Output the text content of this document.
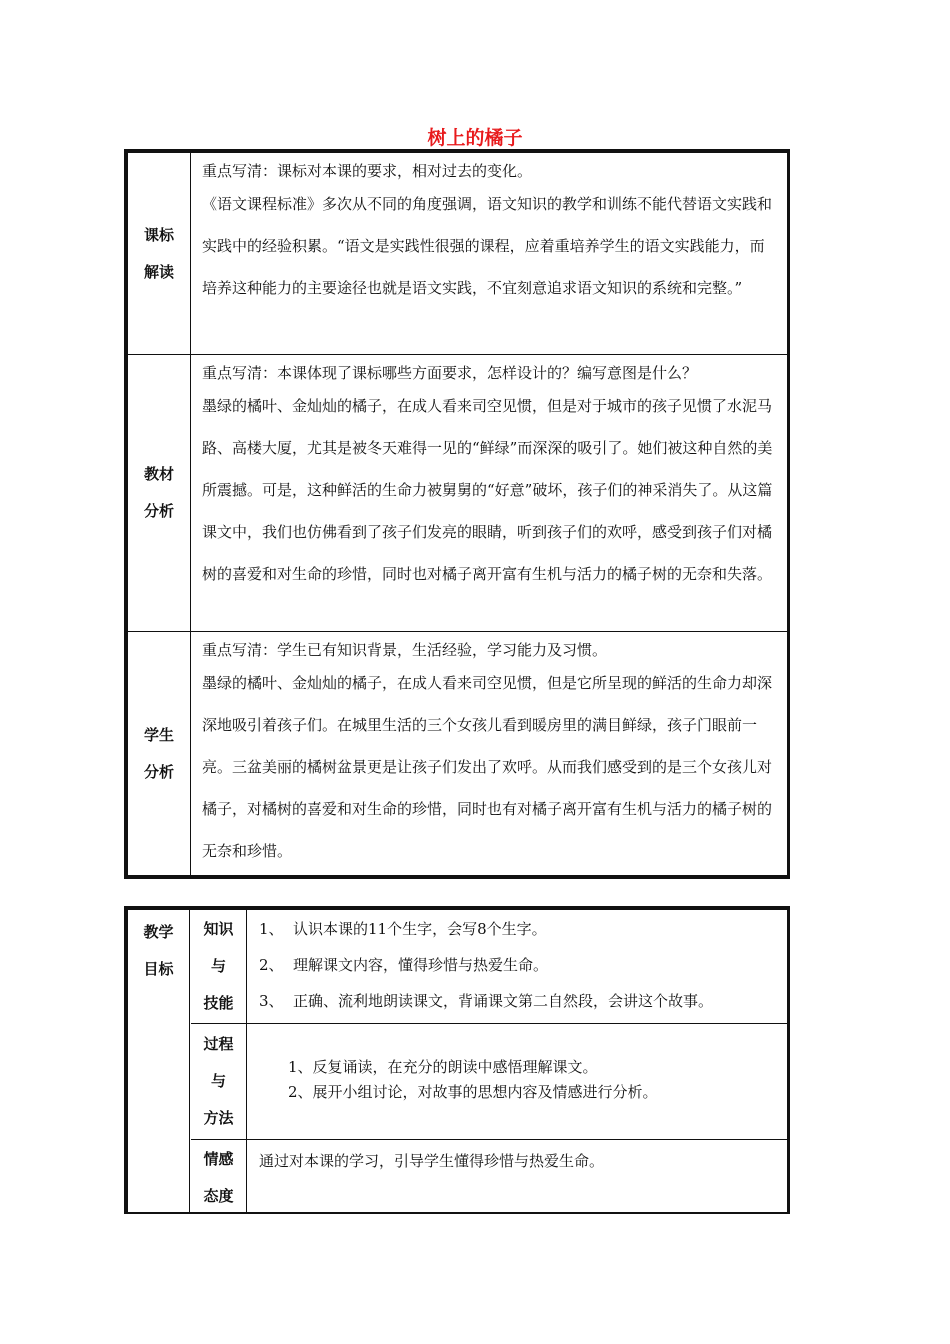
树上的橘子
课标
解读
重点写清：课标对本课的要求，相对过去的变化。
《语文课程标准》多次从不同的角度强调，语文知识的教学和训练不能代替语文实践和实践中的经验积累。“语文是实践性很强的课程，应着重培养学生的语文实践能力，而培养这种能力的主要途径也就是语文实践，不宜刻意追求语文知识的系统和完整。”
教材
分析
重点写清：本课体现了课标哪些方面要求，怎样设计的？编写意图是什么？
墨绿的橘叶、金灿灿的橘子，在成人看来司空见惯，但是对于城市的孩子见惯了水泥马路、高楼大厦，尤其是被冬天难得一见的“鲜绿”而深深的吸引了。她们被这种自然的美所震撼。可是，这种鲜活的生命力被舅舅的“好意”破坏，孩子们的神采消失了。从这篇课文中，我们也仿佛看到了孩子们发亮的眼睛，听到孩子们的欢呼，感受到孩子们对橘树的喜爱和对生命的珍惜，同时也对橘子离开富有生机与活力的橘子树的无奈和失落。
学生
分析
重点写清：学生已有知识背景，生活经验，学习能力及习惯。
墨绿的橘叶、金灿灿的橘子，在成人看来司空见惯，但是它所呈现的鲜活的生命力却深深地吸引着孩子们。在城里生活的三个女孩儿看到暖房里的满目鲜绿，孩子门眼前一亮。三盆美丽的橘树盆景更是让孩子们发出了欢呼。从而我们感受到的是三个女孩儿对橘子，对橘树的喜爱和对生命的珍惜，同时也有对橘子离开富有生机与活力的橘子树的无奈和珍惜。
教学
目标
知识
与
技能
1、 认识本课的11个生字，会写8个生字。
2、 理解课文内容，懂得珍惜与热爱生命。
3、 正确、流利地朗读课文，背诵课文第二自然段，会讲这个故事。
过程
与
方法
1、反复诵读，在充分的朗读中感悟理解课文。
2、展开小组讨论，对故事的思想内容及情感进行分析。
情感
态度
通过对本课的学习，引导学生懂得珍惜与热爱生命。
